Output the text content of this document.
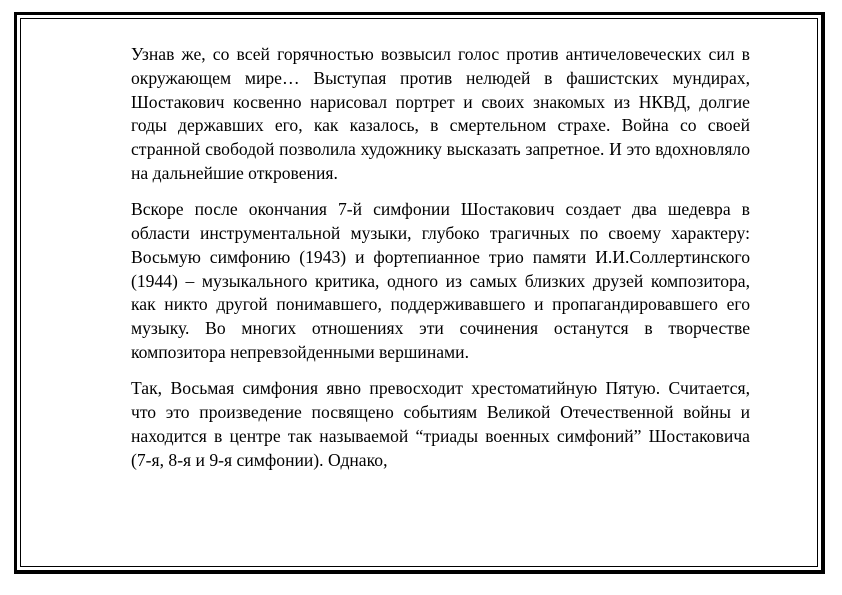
Узнав же, со всей горячностью возвысил голос против античеловеческих сил в окружающем мире… Выступая против нелюдей в фашистских мундирах, Шостакович косвенно нарисовал портрет и своих знакомых из НКВД, долгие годы державших его, как казалось, в смертельном страхе. Война со своей странной свободой позволила художнику высказать запретное. И это вдохновляло на дальнейшие откровения.

Вскоре после окончания 7-й симфонии Шостакович создает два шедевра в области инструментальной музыки, глубоко трагичных по своему характеру: Восьмую симфонию (1943) и фортепианное трио памяти И.И.Соллертинского (1944) – музыкального критика, одного из самых близких друзей композитора, как никто другой понимавшего, поддерживавшего и пропагандировавшего его музыку. Во многих отношениях эти сочинения останутся в творчестве композитора непревзойденными вершинами.

Так, Восьмая симфония явно превосходит хрестоматийную Пятую. Считается, что это произведение посвящено событиям Великой Отечественной войны и находится в центре так называемой “триады военных симфоний” Шостаковича (7-я, 8-я и 9-я симфонии). Однако,
